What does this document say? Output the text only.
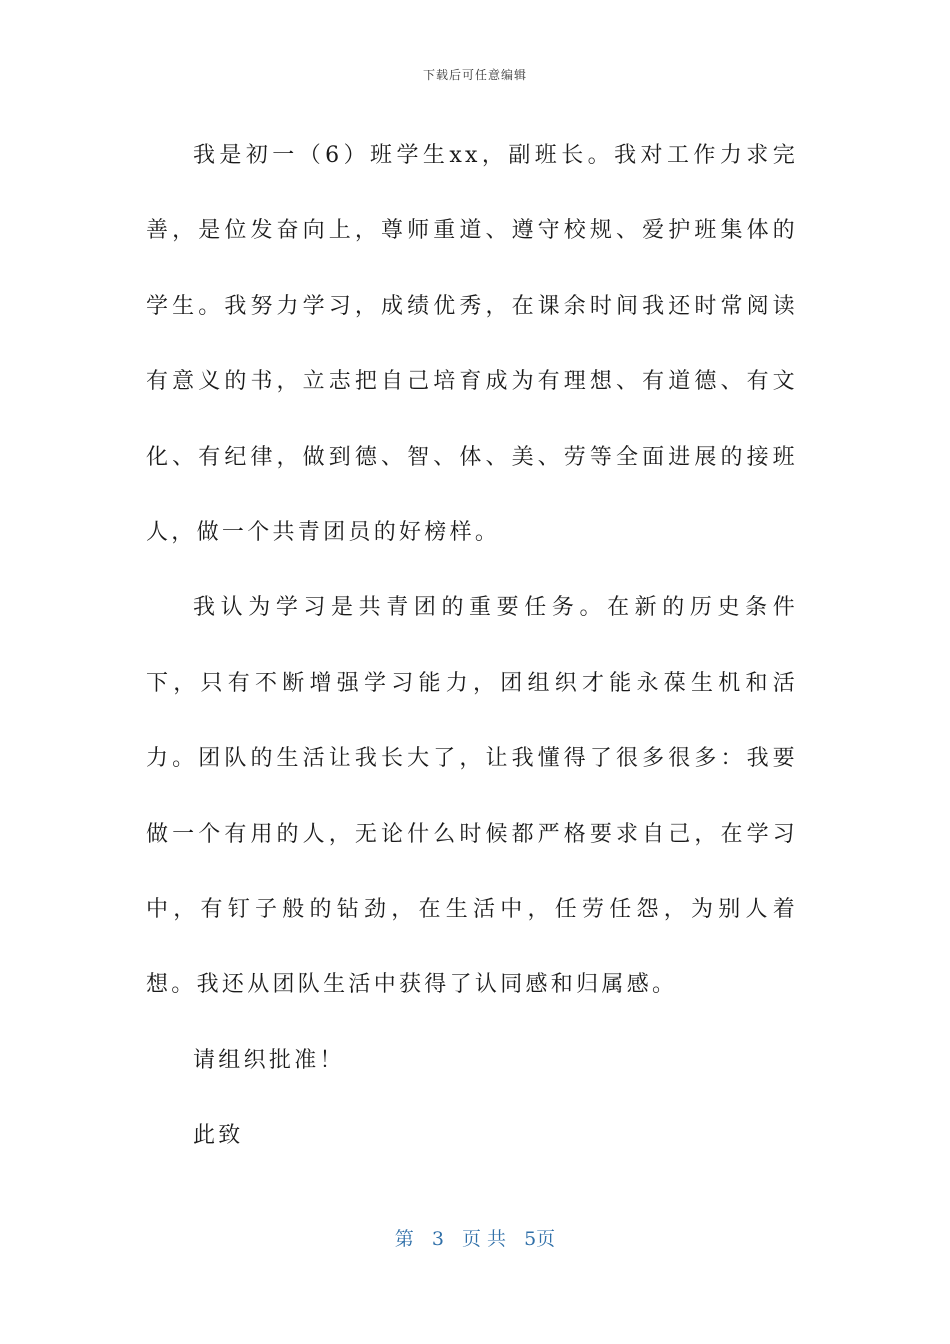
下载后可任意编辑

我是初一（6）班学生xx，副班长。我对工作力求完善，是位发奋向上，尊师重道、遵守校规、爱护班集体的学生。我努力学习，成绩优秀，在课余时间我还时常阅读有意义的书，立志把自己培育成为有理想、有道德、有文化、有纪律，做到德、智、体、美、劳等全面进展的接班人，做一个共青团员的好榜样。

我认为学习是共青团的重要任务。在新的历史条件下，只有不断增强学习能力，团组织才能永葆生机和活力。团队的生活让我长大了，让我懂得了很多很多：我要做一个有用的人，无论什么时候都严格要求自己，在学习中，有钉子般的钻劲，在生活中，任劳任怨，为别人着想。我还从团队生活中获得了认同感和归属感。

请组织批准！

此致

第 3 页 共 5页
